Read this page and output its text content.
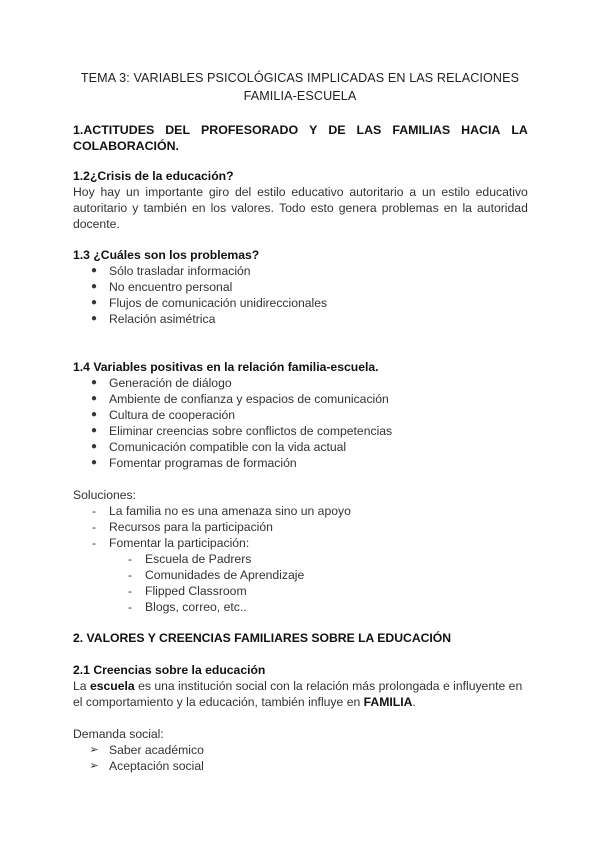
TEMA 3: VARIABLES PSICOLÓGICAS IMPLICADAS EN LAS RELACIONES
FAMILIA-ESCUELA
1.ACTITUDES DEL PROFESORADO Y DE LAS FAMILIAS HACIA LA
COLABORACIÓN.
1.2¿Crisis de la educación?
Hoy hay un importante giro del estilo educativo autoritario a un estilo educativo
autoritario y también en los valores. Todo esto genera problemas en la autoridad
docente.
1.3 ¿Cuáles son los problemas?
● Sólo trasladar información
● No encuentro personal
● Flujos de comunicación unidireccionales
● Relación asimétrica
1.4 Variables positivas en la relación familia-escuela.
● Generación de diálogo
● Ambiente de confianza y espacios de comunicación
● Cultura de cooperación
● Eliminar creencias sobre conflictos de competencias
● Comunicación compatible con la vida actual
● Fomentar programas de formación
Soluciones:
- La familia no es una amenaza sino un apoyo
- Recursos para la participación
- Fomentar la participación:
- Escuela de Padrers
- Comunidades de Aprendizaje
- Flipped Classroom
- Blogs, correo, etc..
2. VALORES Y CREENCIAS FAMILIARES SOBRE LA EDUCACIÓN
2.1 Creencias sobre la educación
La escuela es una institución social con la relación más prolongada e influyente en
el comportamiento y la educación, también influye en FAMILIA.
Demanda social:
➢ Saber académico
➢ Aceptación social
